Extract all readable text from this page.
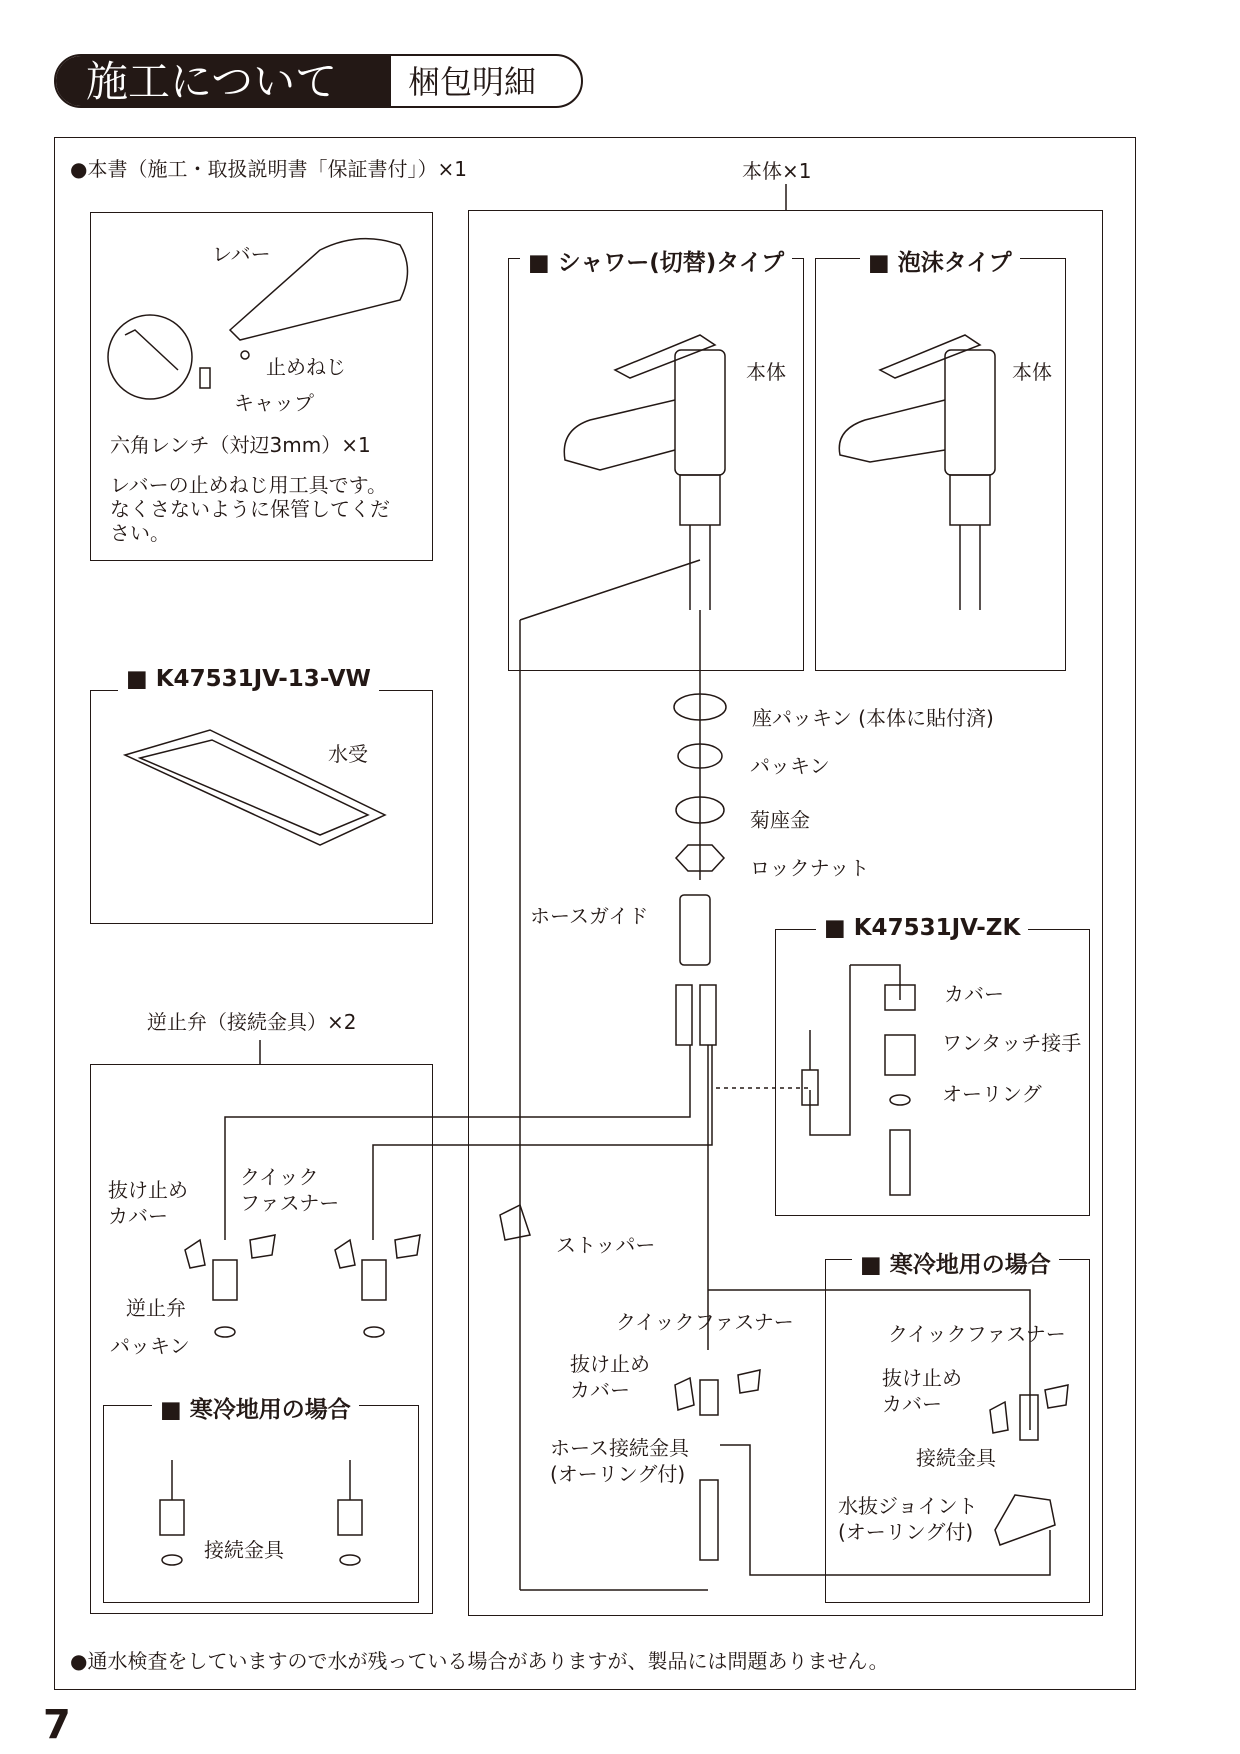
施工について	梱包明細
●本書（施工・取扱説明書「保証書付」）×1	本体×1
レバー
止めねじ
キャップ
六角レンチ（対辺3mm）×1
レバーの止めねじ用工具です。
なくさないように保管してくだ
さい。
■ K47531JV-13-VW
水受
逆止弁（接続金具）×2
抜け止め
カバー
クイック
ファスナー
逆止弁
パッキン
■ 寒冷地用の場合
接続金具
■ シャワー(切替)タイプ
本体
■ 泡沫タイプ
本体
座パッキン (本体に貼付済)
パッキン
菊座金
ロックナット
ホースガイド
ストッパー
クイックファスナー
抜け止め
カバー
ホース接続金具
(オーリング付)
■ K47531JV-ZK
カバー
ワンタッチ接手
オーリング
■ 寒冷地用の場合
クイックファスナー
抜け止め
カバー
接続金具
水抜ジョイント
(オーリング付)
●通水検査をしていますので水が残っている場合がありますが、製品には問題ありません。
7
